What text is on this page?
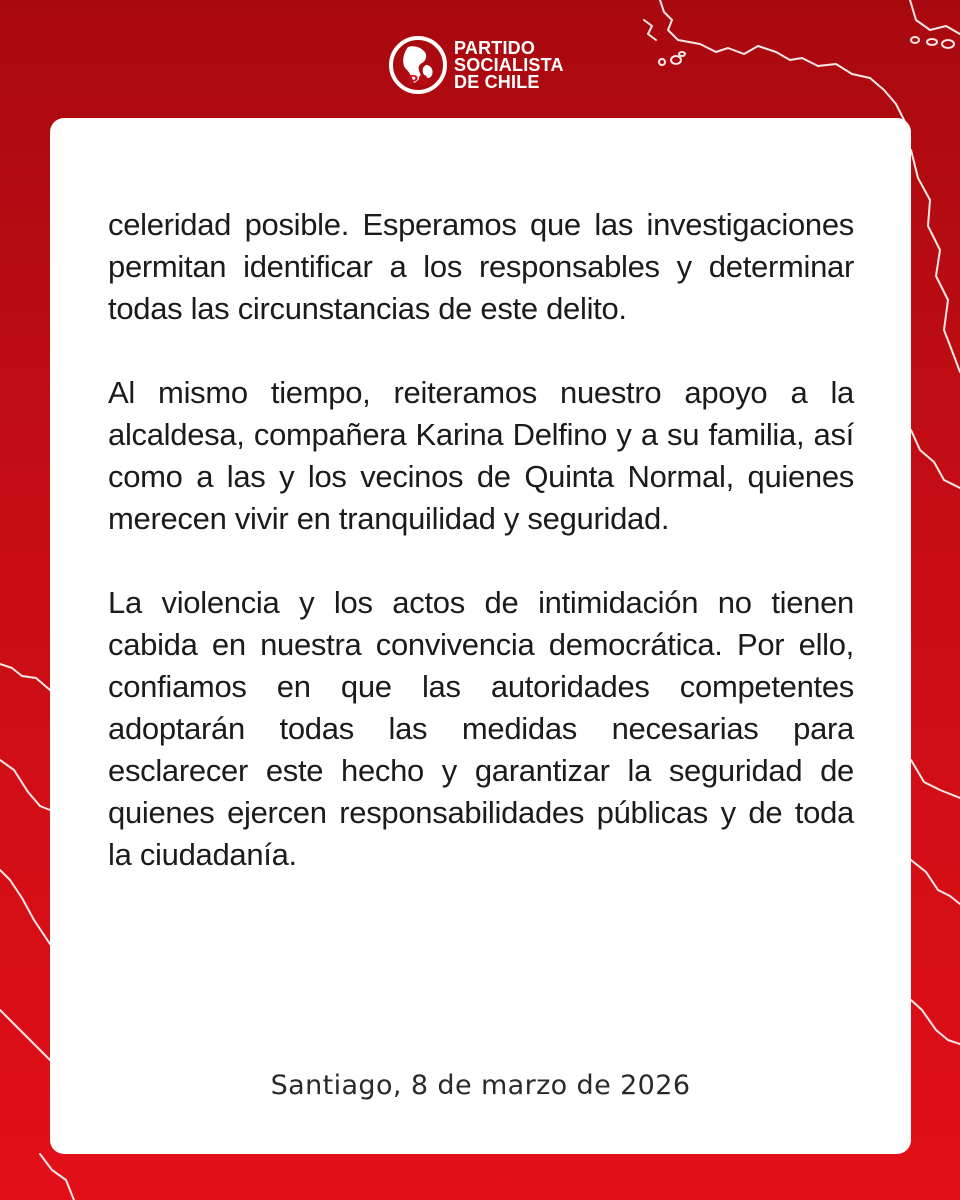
PS
PARTIDO
SOCIALISTA
DE CHILE

celeridad posible. Esperamos que las investigaciones permitan identificar a los responsables y determinar todas las circunstancias de este delito.

Al mismo tiempo, reiteramos nuestro apoyo a la alcaldesa, compañera Karina Delfino y a su familia, así como a las y los vecinos de Quinta Normal, quienes merecen vivir en tranquilidad y seguridad.

La violencia y los actos de intimidación no tienen cabida en nuestra convivencia democrática. Por ello, confiamos en que las autoridades competentes adoptarán todas las medidas necesarias para esclarecer este hecho y garantizar la seguridad de quienes ejercen responsabilidades públicas y de toda la ciudadanía.

Santiago, 8 de marzo de 2026
